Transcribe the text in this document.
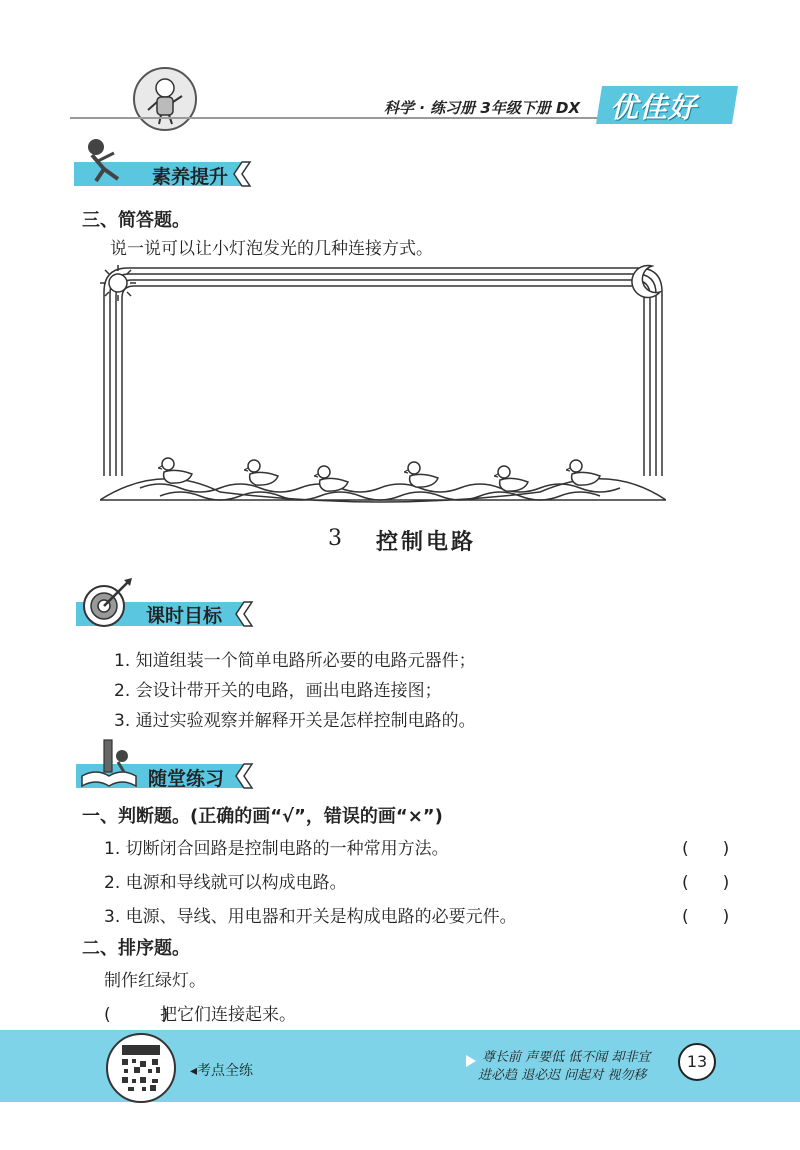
科学 · 练习册 3年级下册 DX 优佳好
素养提升
三、简答题。
说一说可以让小灯泡发光的几种连接方式。
3 控制电路
课时目标
1. 知道组装一个简单电路所必要的电路元器件；
2. 会设计带开关的电路，画出电路连接图；
3. 通过实验观察并解释开关是怎样控制电路的。
随堂练习
一、判断题。(正确的画“√”，错误的画“×”)
1. 切断闭合回路是控制电路的一种常用方法。	(　　)
2. 电源和导线就可以构成电路。	(　　)
3. 电源、导线、用电器和开关是构成电路的必要元件。	(　　)
二、排序题。
制作红绿灯。
(　　　)
把它们连接起来。
◂考点全练
尊长前 声要低 低不闻 却非宜
进必趋 退必迟 问起对 视勿移
13
